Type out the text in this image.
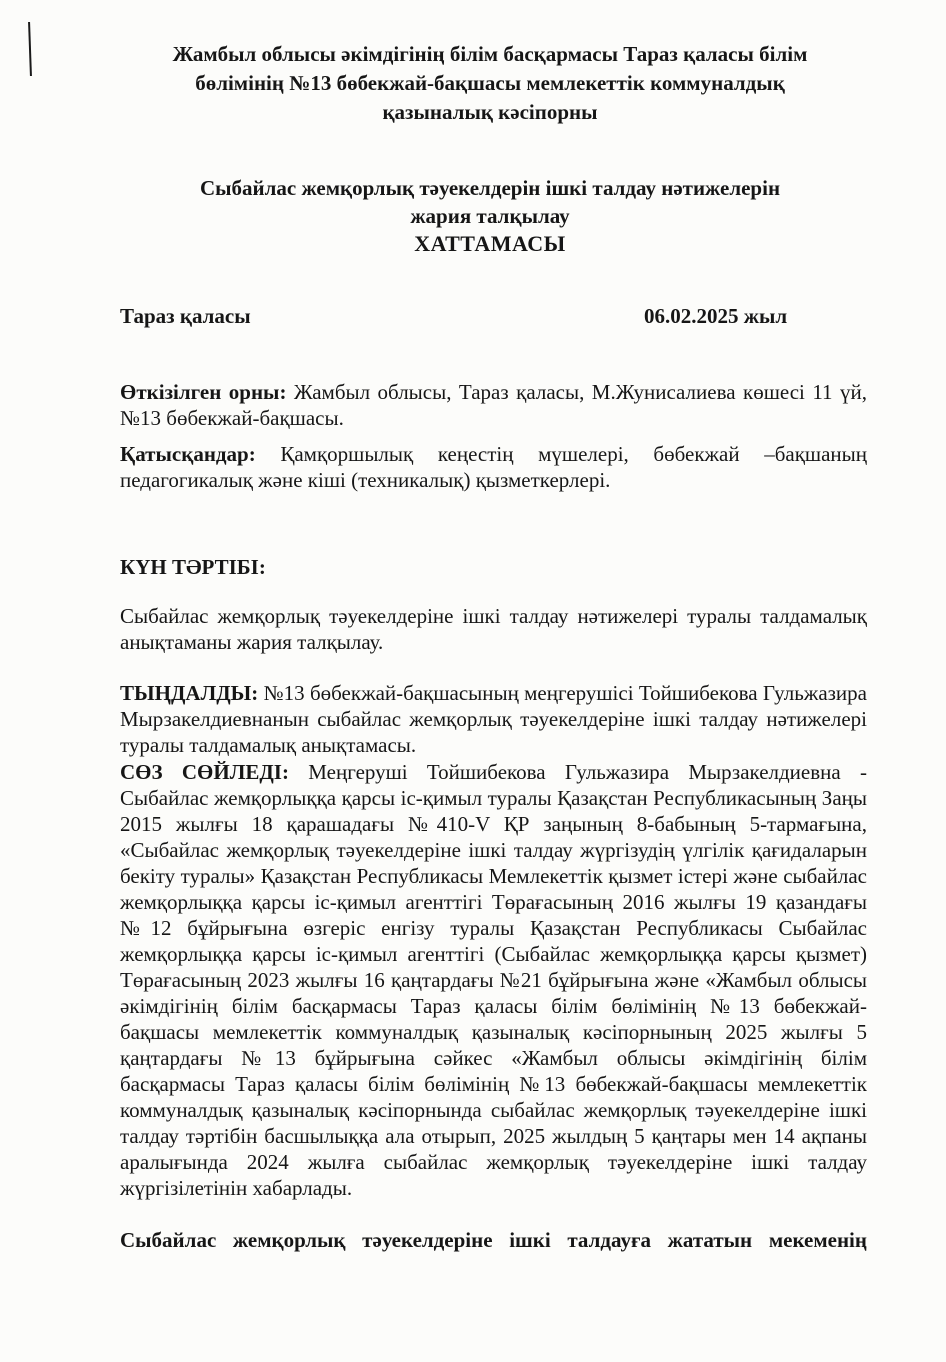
Жамбыл облысы әкімдігінің білім басқармасы Тараз қаласы білім
бөлімінің №13 бөбекжай-бақшасы мемлекеттік коммуналдық
қазыналық кәсіпорны
Сыбайлас жемқорлық тәуекелдерін ішкі талдау нәтижелерін
жария талқылау
ХАТТАМАСЫ
Тараз қаласы	06.02.2025 жыл
Өткізілген орны: Жамбыл облысы, Тараз қаласы, М.Жунисалиева көшесі 11 үй, №13 бөбекжай-бақшасы.
Қатысқандар: Қамқоршылық кеңестің мүшелері, бөбекжай –бақшаның педагогикалық және кіші (техникалық) қызметкерлері.
КҮН ТӘРТІБІ:
Сыбайлас жемқорлық тәуекелдеріне ішкі талдау нәтижелері туралы талдамалық анықтаманы жария талқылау.
ТЫҢДАЛДЫ: №13 бөбекжай-бақшасының меңгерушісі Тойшибекова Гульжазира Мырзакелдиевнанын сыбайлас жемқорлық тәуекелдеріне ішкі талдау нәтижелері туралы талдамалық анықтамасы.
СӨЗ СӨЙЛЕДІ: Меңгеруші Тойшибекова Гульжазира Мырзакелдиевна - Сыбайлас жемқорлыққа қарсы іс-қимыл туралы Қазақстан Республикасының Заңы 2015 жылғы 18 қарашадағы №410-V ҚР заңының 8-бабының 5-тармағына, «Сыбайлас жемқорлық тәуекелдеріне ішкі талдау жүргізудің үлгілік қағидаларын бекіту туралы» Қазақстан Республикасы Мемлекеттік қызмет істері және сыбайлас жемқорлыққа қарсы іс-қимыл агенттігі Төрағасының 2016 жылғы 19 қазандағы №12 бұйрығына өзгеріс енгізу туралы Қазақстан Республикасы Сыбайлас жемқорлыққа қарсы іс-қимыл агенттігі (Сыбайлас жемқорлыққа қарсы қызмет) Төрағасының 2023 жылғы 16 қаңтардағы №21 бұйрығына және «Жамбыл облысы әкімдігінің білім басқармасы Тараз қаласы білім бөлімінің №13 бөбекжай-бақшасы мемлекеттік коммуналдық қазыналық кәсіпорнының 2025 жылғы 5 қаңтардағы №13 бұйрығына сәйкес «Жамбыл облысы әкімдігінің білім басқармасы Тараз қаласы білім бөлімінің №13 бөбекжай-бақшасы мемлекеттік коммуналдық қазыналық кәсіпорнында сыбайлас жемқорлық тәуекелдеріне ішкі талдау тәртібін басшылыққа ала отырып, 2025 жылдың 5 қаңтары мен 14 ақпаны аралығында 2024 жылға сыбайлас жемқорлық тәуекелдеріне ішкі талдау жүргізілетінін хабарлады.
Сыбайлас жемқорлық тәуекелдеріне ішкі талдауға жататын мекеменің
